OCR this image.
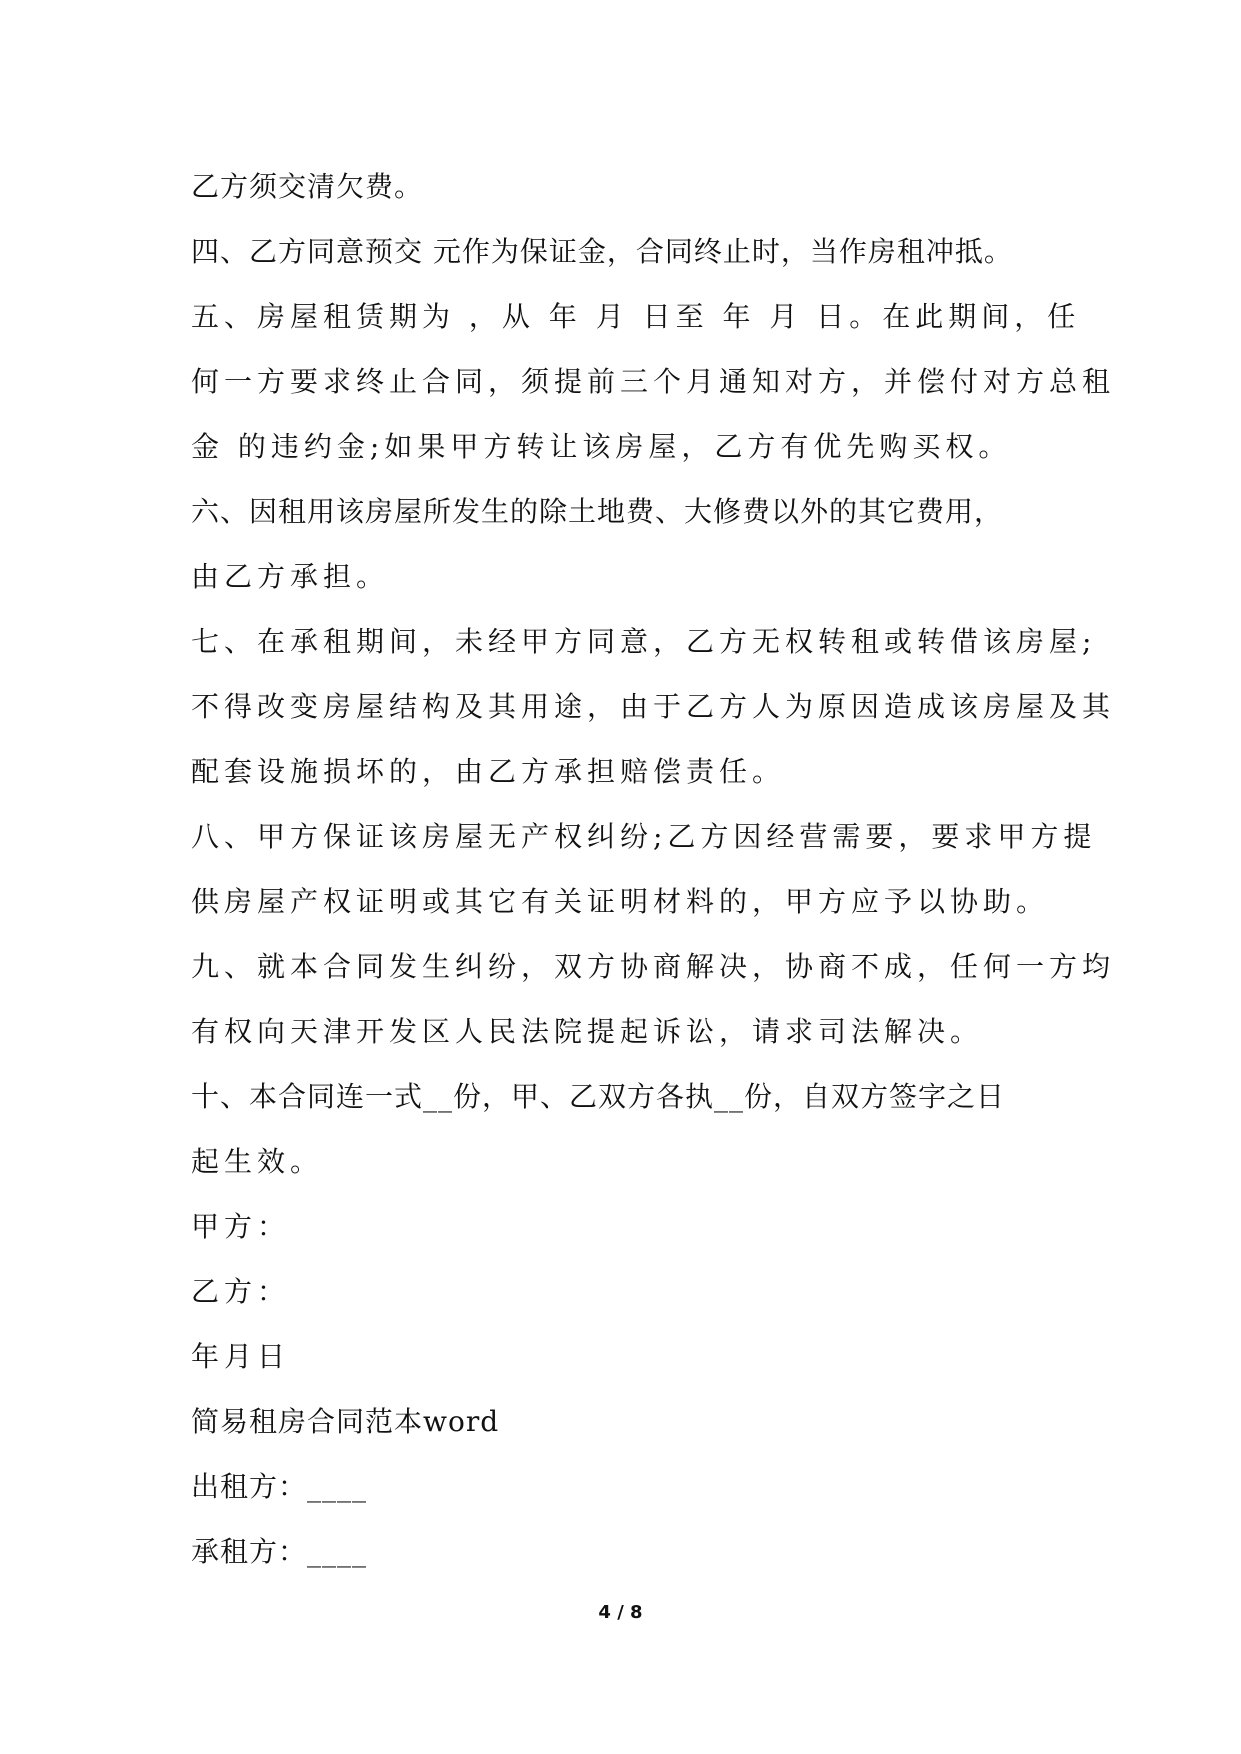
乙方须交清欠费。
四、乙方同意预交 元作为保证金，合同终止时，当作房租冲抵。
五、房屋租赁期为 ，从 年 月 日至 年 月 日。在此期间，任
何一方要求终止合同，须提前三个月通知对方，并偿付对方总租
金 的违约金;如果甲方转让该房屋，乙方有优先购买权。
六、因租用该房屋所发生的除土地费、大修费以外的其它费用，
由乙方承担。
七、在承租期间，未经甲方同意，乙方无权转租或转借该房屋;
不得改变房屋结构及其用途，由于乙方人为原因造成该房屋及其
配套设施损坏的，由乙方承担赔偿责任。
八、甲方保证该房屋无产权纠纷;乙方因经营需要，要求甲方提
供房屋产权证明或其它有关证明材料的，甲方应予以协助。
九、就本合同发生纠纷，双方协商解决，协商不成，任何一方均
有权向天津开发区人民法院提起诉讼，请求司法解决。
十、本合同连一式__份，甲、乙双方各执__份，自双方签字之日
起生效。
甲方：
乙方：
年月日
简易租房合同范本word
出租方：____
承租方：____
4 / 8
